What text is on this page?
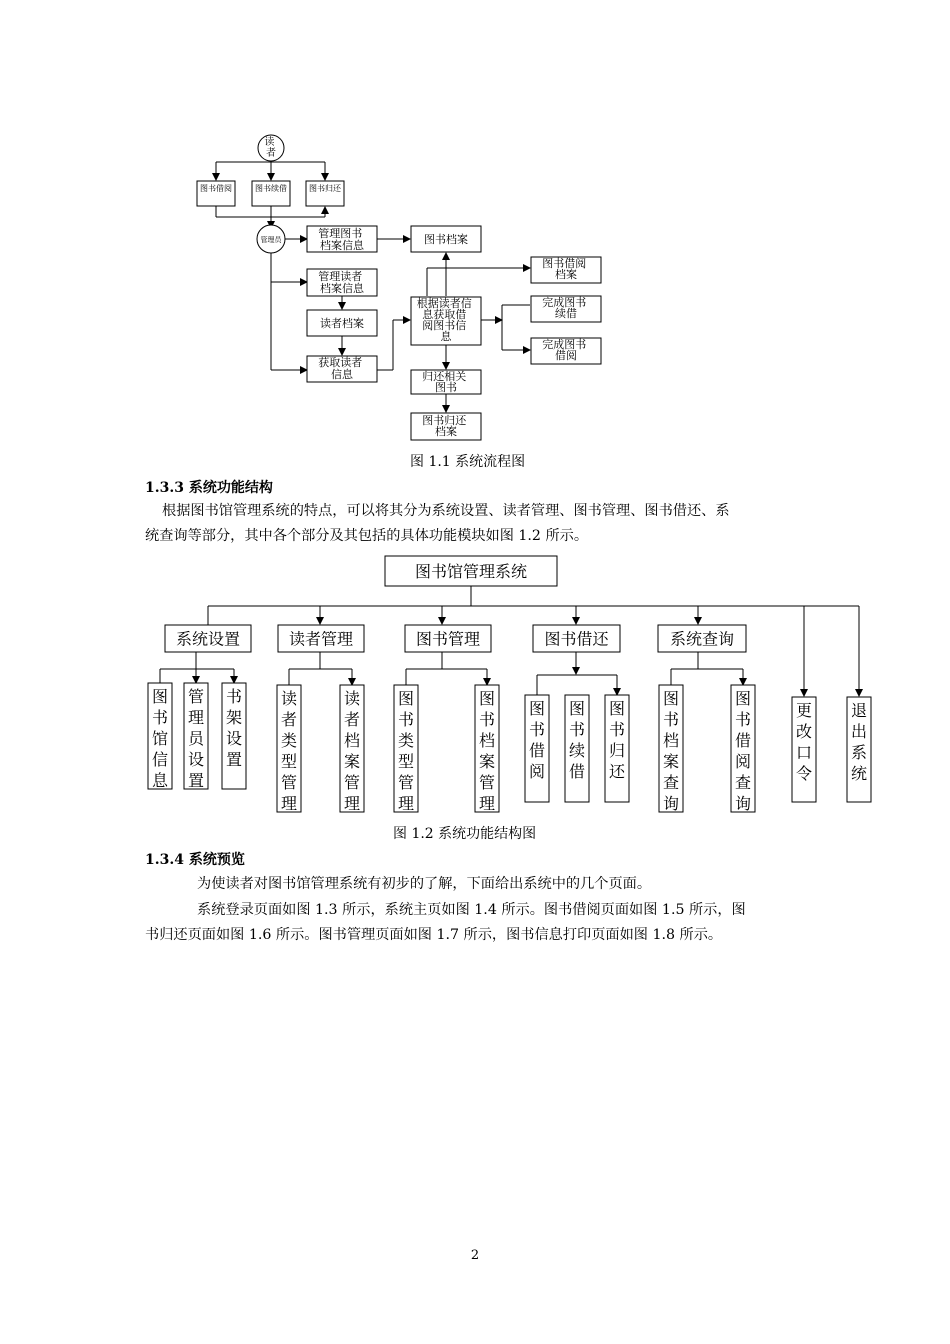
读 者
图书借阅	图书续借	图书归还
管理员	管理图书 档案信息	图书档案
管理读者 档案信息
读者档案
获取读者 信息
根据读者信 息获取借 阅图书信 息
图书借阅 档案
完成图书 续借
完成图书 借阅
归还相关 图书
图书归还 档案
图书馆管理系统
系统设置	读者管理	图书管理	图书借还	系统查询
图书馆信息
管理员设置
书架设置
读者类型管理
读者档案管理
图书类型管理
图书档案管理
图书借阅
图书续借
图书归还
图书档案查询
图书借阅查询
更改口令
退出系统
图 1.1 系统流程图
1.3.3 系统功能结构
根据图书馆管理系统的特点，可以将其分为系统设置、读者管理、图书管理、图书借还、系
统查询等部分，其中各个部分及其包括的具体功能模块如图 1.2 所示。
图 1.2 系统功能结构图
1.3.4 系统预览
为使读者对图书馆管理系统有初步的了解，下面给出系统中的几个页面。
系统登录页面如图 1.3 所示，系统主页如图 1.4 所示。图书借阅页面如图 1.5 所示，图
书归还页面如图 1.6 所示。图书管理页面如图 1.7 所示，图书信息打印页面如图 1.8 所示。
2
